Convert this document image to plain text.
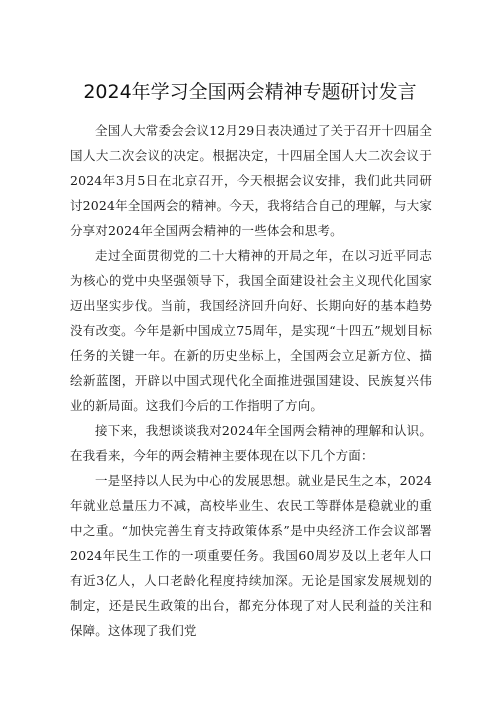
2024年学习全国两会精神专题研讨发言

全国人大常委会会议12月29日表决通过了关于召开十四届全国人大二次会议的决定。根据决定，十四届全国人大二次会议于2024年3月5日在北京召开，今天根据会议安排，我们此共同研讨2024年全国两会的精神。今天，我将结合自己的理解，与大家分享对2024年全国两会精神的一些体会和思考。

走过全面贯彻党的二十大精神的开局之年，在以习近平同志为核心的党中央坚强领导下，我国全面建设社会主义现代化国家迈出坚实步伐。当前，我国经济回升向好、长期向好的基本趋势没有改变。今年是新中国成立75周年，是实现“十四五”规划目标任务的关键一年。在新的历史坐标上，全国两会立足新方位、描绘新蓝图，开辟以中国式现代化全面推进强国建设、民族复兴伟业的新局面。这我们今后的工作指明了方向。

接下来，我想谈谈我对2024年全国两会精神的理解和认识。在我看来，今年的两会精神主要体现在以下几个方面：

一是坚持以人民为中心的发展思想。就业是民生之本，2024年就业总量压力不减，高校毕业生、农民工等群体是稳就业的重中之重。“加快完善生育支持政策体系”是中央经济工作会议部署2024年民生工作的一项重要任务。我国60周岁及以上老年人口有近3亿人，人口老龄化程度持续加深。无论是国家发展规划的制定，还是民生政策的出台，都充分体现了对人民利益的关注和保障。这体现了我们党
